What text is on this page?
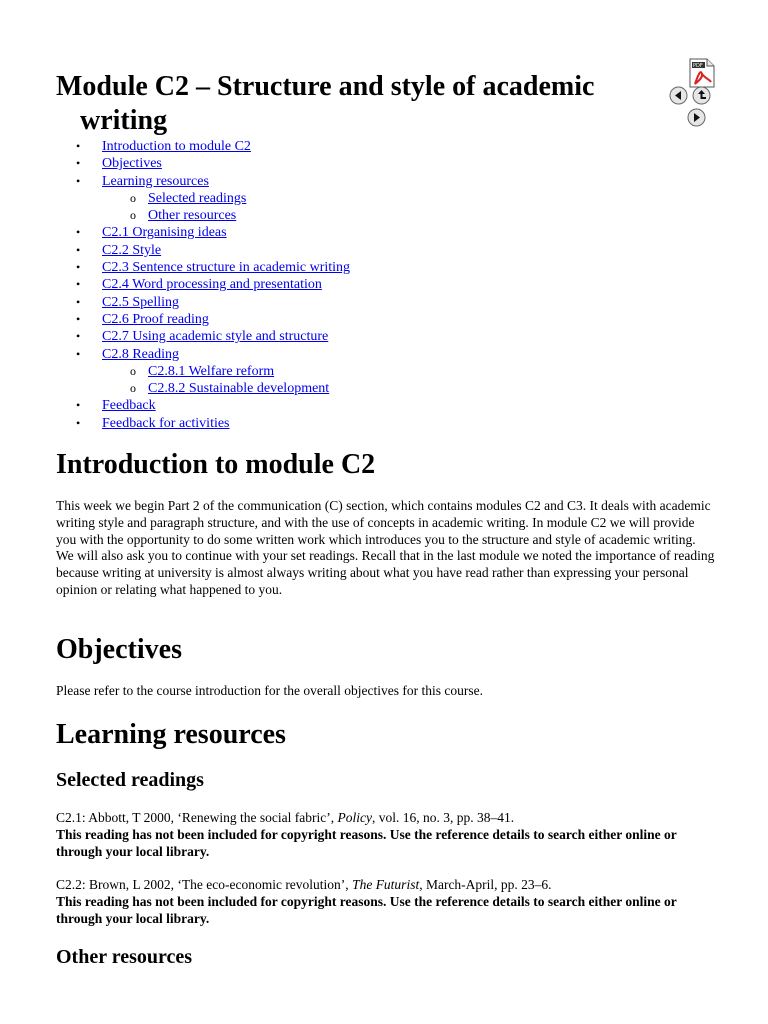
Module C2 – Structure and style of academic
writing
PDF
• Introduction to module C2
• Objectives
• Learning resources
o Selected readings
o Other resources
• C2.1 Organising ideas
• C2.2 Style
• C2.3 Sentence structure in academic writing
• C2.4 Word processing and presentation
• C2.5 Spelling
• C2.6 Proof reading
• C2.7 Using academic style and structure
• C2.8 Reading
o C2.8.1 Welfare reform
o C2.8.2 Sustainable development
• Feedback
• Feedback for activities
Introduction to module C2

This week we begin Part 2 of the communication (C) section, which contains modules C2 and C3. It deals with academic writing style and paragraph structure, and with the use of concepts in academic writing. In module C2 we will provide you with the opportunity to do some written work which introduces you to the structure and style of academic writing. We will also ask you to continue with your set readings. Recall that in the last module we noted the importance of reading because writing at university is almost always writing about what you have read rather than expressing your personal opinion or relating what happened to you.

Objectives

Please refer to the course introduction for the overall objectives for this course.

Learning resources
Selected readings

C2.1: Abbott, T 2000, ‘Renewing the social fabric’, Policy, vol. 16, no. 3, pp. 38–41.
This reading has not been included for copyright reasons. Use the reference details to search either online or through your local library.

C2.2: Brown, L 2002, ‘The eco-economic revolution’, The Futurist, March-April, pp. 23–6.
This reading has not been included for copyright reasons. Use the reference details to search either online or through your local library.

Other resources
